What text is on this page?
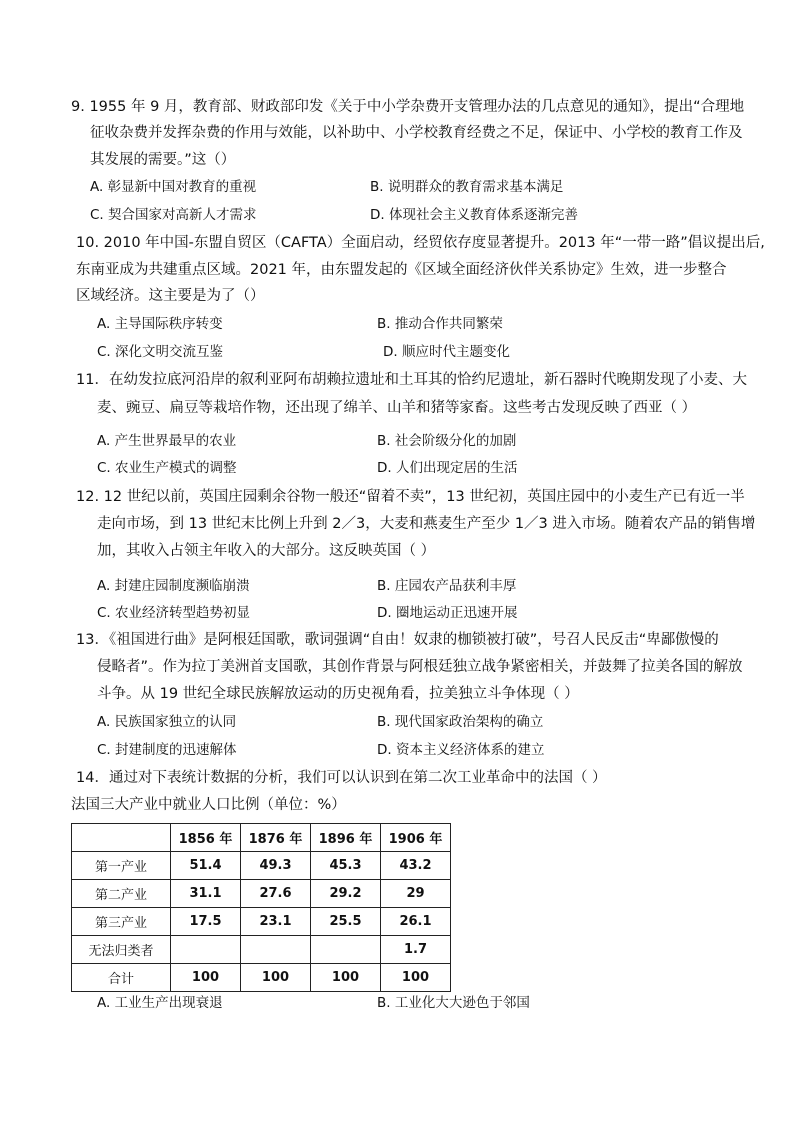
9. 1955 年 9 月，教育部、财政部印发《关于中小学杂费开支管理办法的几点意见的通知》，提出“合理地
征收杂费并发挥杂费的作用与效能，以补助中、小学校教育经费之不足，保证中、小学校的教育工作及
其发展的需要。”这（）
A. 彰显新中国对教育的重视	B. 说明群众的教育需求基本满足
C. 契合国家对高新人才需求	D. 体现社会主义教育体系逐渐完善
10. 2010 年中国-东盟自贸区（CAFTA）全面启动，经贸依存度显著提升。2013 年“一带一路”倡议提出后,
东南亚成为共建重点区域。2021 年，由东盟发起的《区域全面经济伙伴关系协定》生效，进一步整合
区域经济。这主要是为了（）
A. 主导国际秩序转变	B. 推动合作共同繁荣
C. 深化文明交流互鉴	D. 顺应时代主题变化
11．在幼发拉底河沿岸的叙利亚阿布胡赖拉遗址和土耳其的恰约尼遗址，新石器时代晚期发现了小麦、大
麦、豌豆、扁豆等栽培作物，还出现了绵羊、山羊和猪等家畜。这些考古发现反映了西亚（ ）
A. 产生世界最早的农业	B. 社会阶级分化的加剧
C. 农业生产模式的调整	D. 人们出现定居的生活
12. 12 世纪以前，英国庄园剩余谷物一般还“留着不卖”，13 世纪初，英国庄园中的小麦生产已有近一半
走向市场，到 13 世纪末比例上升到 2／3，大麦和燕麦生产至少 1／3 进入市场。随着农产品的销售增
加，其收入占领主年收入的大部分。这反映英国（ ）
A. 封建庄园制度濒临崩溃	B. 庄园农产品获利丰厚
C. 农业经济转型趋势初显	D. 圈地运动正迅速开展
13．《祖国进行曲》是阿根廷国歌，歌词强调“自由！奴隶的枷锁被打破”，号召人民反击“卑鄙傲慢的
侵略者”。作为拉丁美洲首支国歌，其创作背景与阿根廷独立战争紧密相关，并鼓舞了拉美各国的解放
斗争。从 19 世纪全球民族解放运动的历史视角看，拉美独立斗争体现（ ）
A. 民族国家独立的认同	B. 现代国家政治架构的确立
C. 封建制度的迅速解体	D. 资本主义经济体系的建立
14．通过对下表统计数据的分析，我们可以认识到在第二次工业革命中的法国（ ）
法国三大产业中就业人口比例（单位：%）
	1856 年	1876 年	1896 年	1906 年
第一产业	51.4	49.3	45.3	43.2
第二产业	31.1	27.6	29.2	29
第三产业	17.5	23.1	25.5	26.1
无法归类者				1.7
合计	100	100	100	100
A. 工业生产出现衰退	B. 工业化大大逊色于邻国
